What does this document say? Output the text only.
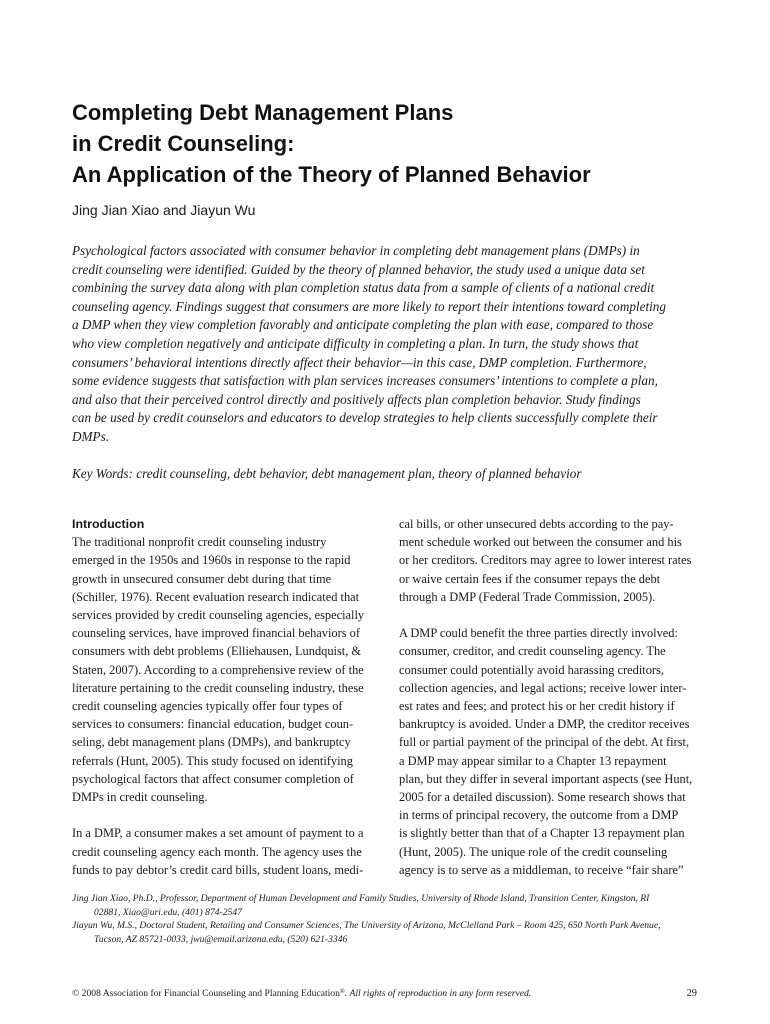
Completing Debt Management Plans
in Credit Counseling:
An Application of the Theory of Planned Behavior
Jing Jian Xiao and Jiayun Wu

Psychological factors associated with consumer behavior in completing debt management plans (DMPs) in
credit counseling were identified. Guided by the theory of planned behavior, the study used a unique data set
combining the survey data along with plan completion status data from a sample of clients of a national credit
counseling agency. Findings suggest that consumers are more likely to report their intentions toward completing
a DMP when they view completion favorably and anticipate completing the plan with ease, compared to those
who view completion negatively and anticipate difficulty in completing a plan. In turn, the study shows that
consumers’ behavioral intentions directly affect their behavior—in this case, DMP completion. Furthermore,
some evidence suggests that satisfaction with plan services increases consumers’ intentions to complete a plan,
and also that their perceived control directly and positively affects plan completion behavior. Study findings
can be used by credit counselors and educators to develop strategies to help clients successfully complete their
DMPs.

Key Words: credit counseling, debt behavior, debt management plan, theory of planned behavior
Introduction
The traditional nonprofit credit counseling industry
emerged in the 1950s and 1960s in response to the rapid
growth in unsecured consumer debt during that time
(Schiller, 1976). Recent evaluation research indicated that
services provided by credit counseling agencies, especially
counseling services, have improved financial behaviors of
consumers with debt problems (Elliehausen, Lundquist, &
Staten, 2007). According to a comprehensive review of the
literature pertaining to the credit counseling industry, these
credit counseling agencies typically offer four types of
services to consumers: financial education, budget coun-
seling, debt management plans (DMPs), and bankruptcy
referrals (Hunt, 2005). This study focused on identifying
psychological factors that affect consumer completion of
DMPs in credit counseling.
In a DMP, a consumer makes a set amount of payment to a
credit counseling agency each month. The agency uses the
funds to pay debtor’s credit card bills, student loans, medi-
cal bills, or other unsecured debts according to the pay-
ment schedule worked out between the consumer and his
or her creditors. Creditors may agree to lower interest rates
or waive certain fees if the consumer repays the debt
through a DMP (Federal Trade Commission, 2005).
A DMP could benefit the three parties directly involved:
consumer, creditor, and credit counseling agency. The
consumer could potentially avoid harassing creditors,
collection agencies, and legal actions; receive lower inter-
est rates and fees; and protect his or her credit history if
bankruptcy is avoided. Under a DMP, the creditor receives
full or partial payment of the principal of the debt. At first,
a DMP may appear similar to a Chapter 13 repayment
plan, but they differ in several important aspects (see Hunt,
2005 for a detailed discussion). Some research shows that
in terms of principal recovery, the outcome from a DMP
is slightly better than that of a Chapter 13 repayment plan
(Hunt, 2005). The unique role of the credit counseling
agency is to serve as a middleman, to receive “fair share”
Jing Jian Xiao, Ph.D., Professor, Department of Human Development and Family Studies, University of Rhode Island, Transition Center, Kingston, RI
02881, Xiao@uri.edu, (401) 874-2547
Jiayun Wu, M.S., Doctoral Student, Retailing and Consumer Sciences, The University of Arizona, McClelland Park – Room 425, 650 North Park Avenue,
Tucson, AZ 85721-0033, jwu@email.arizona.edu, (520) 621-3346
© 2008 Association for Financial Counseling and Planning Education®. All rights of reproduction in any form reserved.	29
